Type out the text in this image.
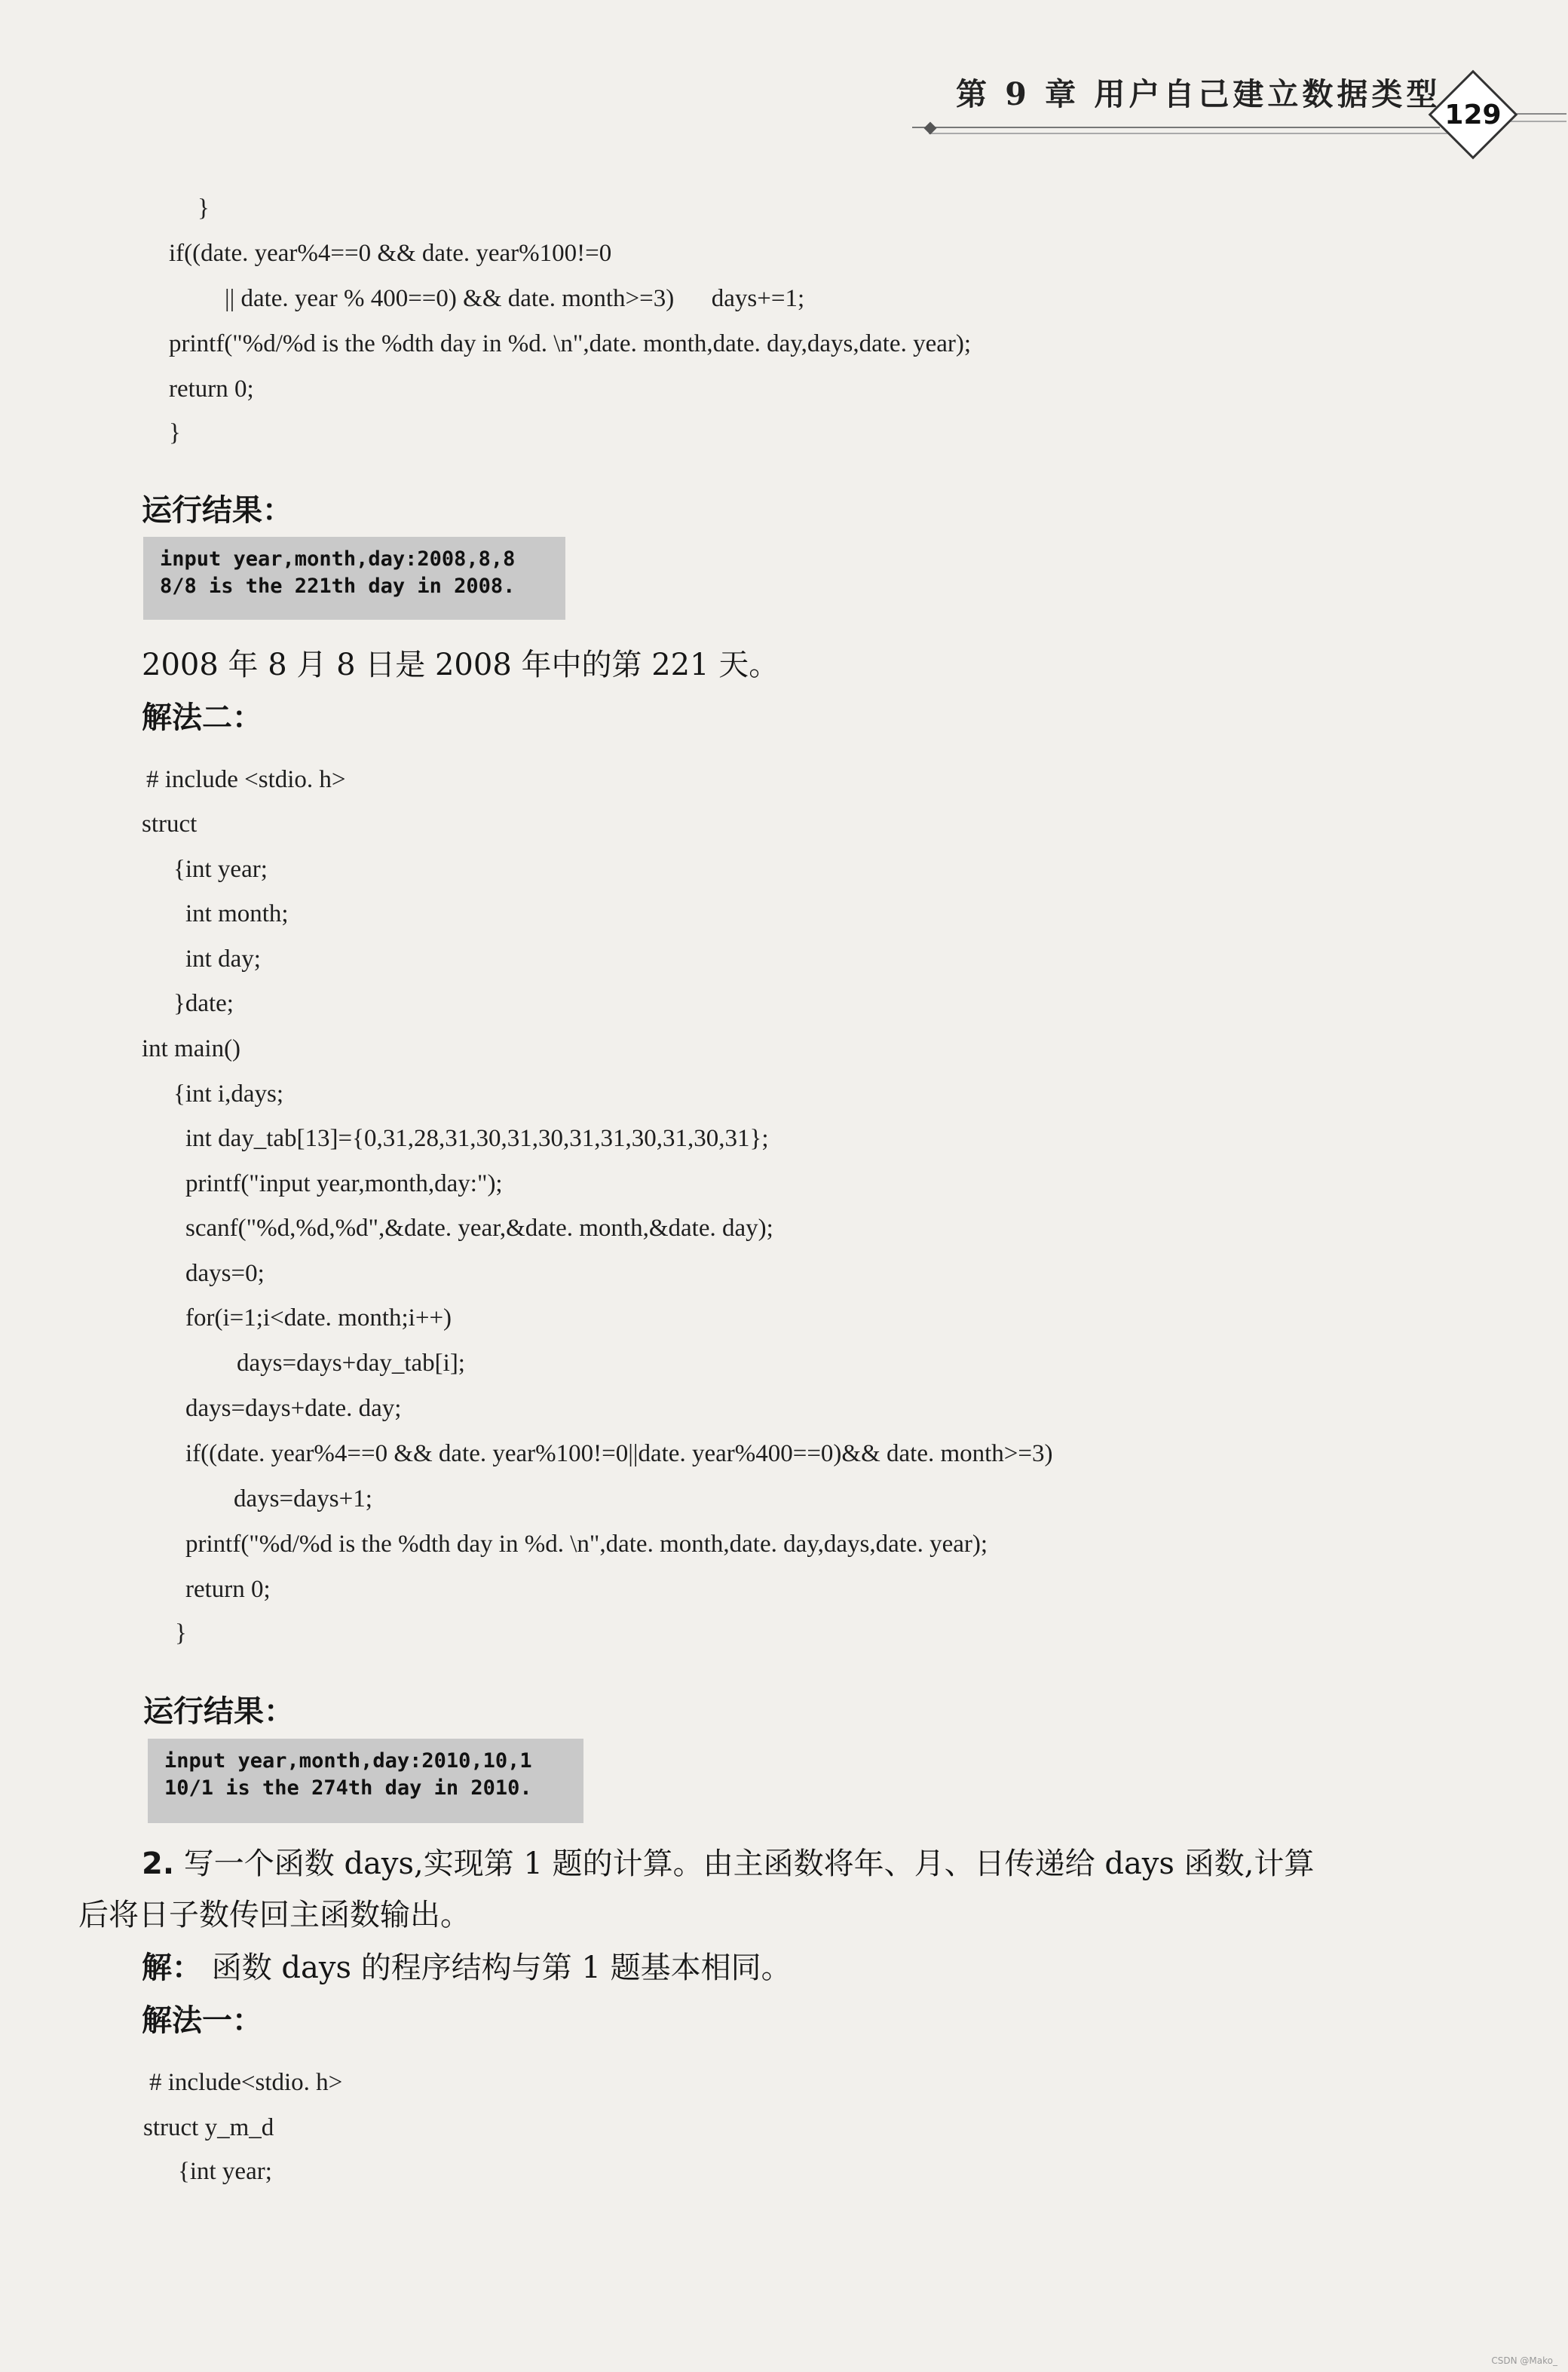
第 9 章 用户自己建立数据类型
129
}
if((date. year%4==0 && date. year%100!=0
|| date. year % 400==0) && date. month>=3)      days+=1;
printf("%d/%d is the %dth day in %d. \n",date. month,date. day,days,date. year);
return 0;
}
运行结果：
input year,month,day:2008,8,8
8/8 is the 221th day in 2008.
2008 年 8 月 8 日是 2008 年中的第 221 天。
解法二：
# include <stdio. h>
struct
{int year;
int month;
int day;
}date;
int main()
{int i,days;
int day_tab[13]={0,31,28,31,30,31,30,31,31,30,31,30,31};
printf("input year,month,day:");
scanf("%d,%d,%d",&date. year,&date. month,&date. day);
days=0;
for(i=1;i<date. month;i++)
days=days+day_tab[i];
days=days+date. day;
if((date. year%4==0 && date. year%100!=0||date. year%400==0)&& date. month>=3)
days=days+1;
printf("%d/%d is the %dth day in %d. \n",date. month,date. day,days,date. year);
return 0;
}
运行结果：
input year,month,day:2010,10,1
10/1 is the 274th day in 2010.
2. 写一个函数 days,实现第 1 题的计算。由主函数将年、月、日传递给 days 函数,计算
后将日子数传回主函数输出。
解： 函数 days 的程序结构与第 1 题基本相同。
解法一：
# include<stdio. h>
struct y_m_d
{int year;
CSDN @Mako_
